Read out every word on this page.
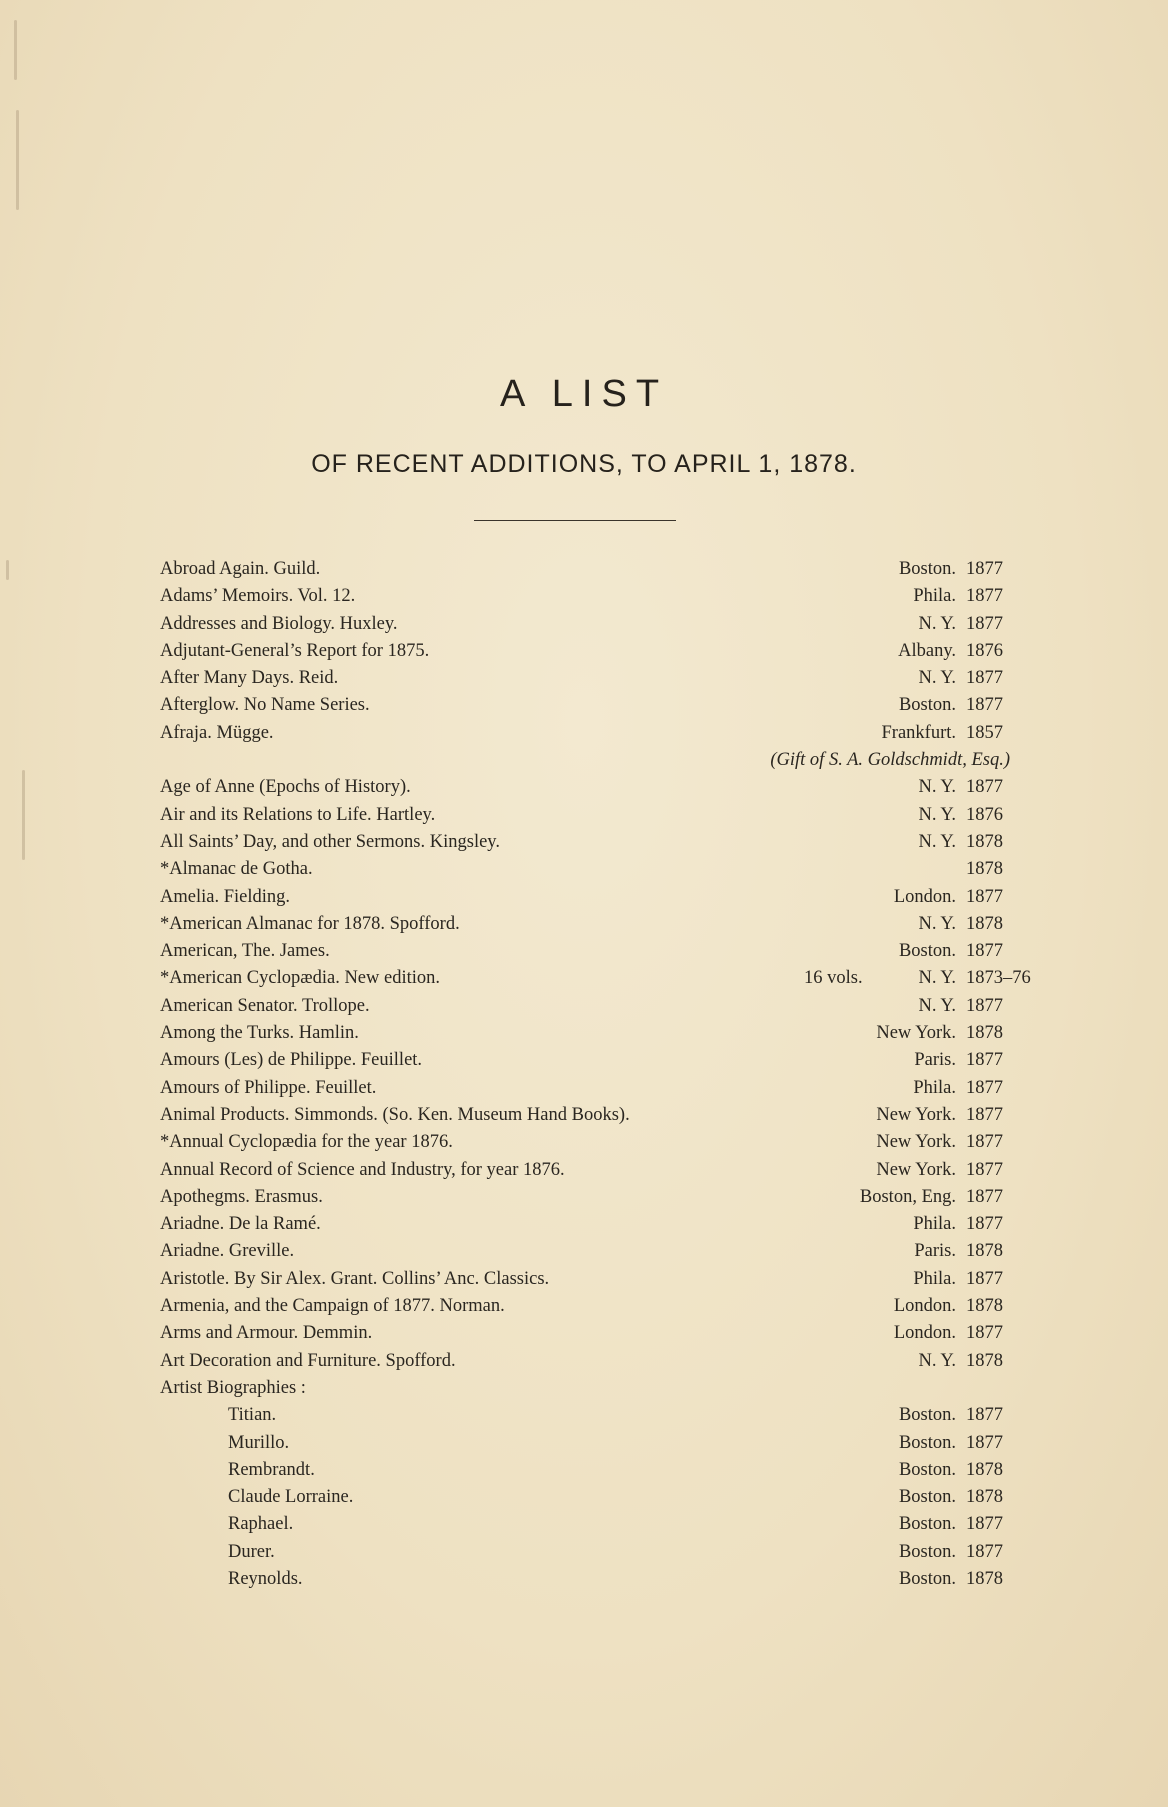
A LIST
OF RECENT ADDITIONS, TO APRIL 1, 1878.
Abroad Again. Guild.	Boston. 1877
Adams’ Memoirs. Vol. 12.	Phila. 1877
Addresses and Biology. Huxley.	N. Y. 1877
Adjutant-General’s Report for 1875.	Albany. 1876
After Many Days. Reid.	N. Y. 1877
Afterglow. No Name Series.	Boston. 1877
Afraja. Mügge.	Frankfurt. 1857
(Gift of S. A. Goldschmidt, Esq.)
Age of Anne (Epochs of History).	N. Y. 1877
Air and its Relations to Life. Hartley.	N. Y. 1876
All Saints’ Day, and other Sermons. Kingsley.	N. Y. 1878
*Almanac de Gotha.	1878
Amelia. Fielding.	London. 1877
*American Almanac for 1878. Spofford.	N. Y. 1878
American, The. James.	Boston. 1877
*American Cyclopædia. New edition.	16 vols.	N. Y. 1873–76
American Senator. Trollope.	N. Y. 1877
Among the Turks. Hamlin.	New York. 1878
Amours (Les) de Philippe. Feuillet.	Paris. 1877
Amours of Philippe. Feuillet.	Phila. 1877
Animal Products. Simmonds. (So. Ken. Museum Hand Books).	New York. 1877
*Annual Cyclopædia for the year 1876.	New York. 1877
Annual Record of Science and Industry, for year 1876.	New York. 1877
Apothegms. Erasmus.	Boston, Eng. 1877
Ariadne. De la Ramé.	Phila. 1877
Ariadne. Greville.	Paris. 1878
Aristotle. By Sir Alex. Grant. Collins’ Anc. Classics.	Phila. 1877
Armenia, and the Campaign of 1877. Norman.	London. 1878
Arms and Armour. Demmin.	London. 1877
Art Decoration and Furniture. Spofford.	N. Y. 1878
Artist Biographies :
Titian.	Boston. 1877
Murillo.	Boston. 1877
Rembrandt.	Boston. 1878
Claude Lorraine.	Boston. 1878
Raphael.	Boston. 1877
Durer.	Boston. 1877
Reynolds.	Boston. 1878
